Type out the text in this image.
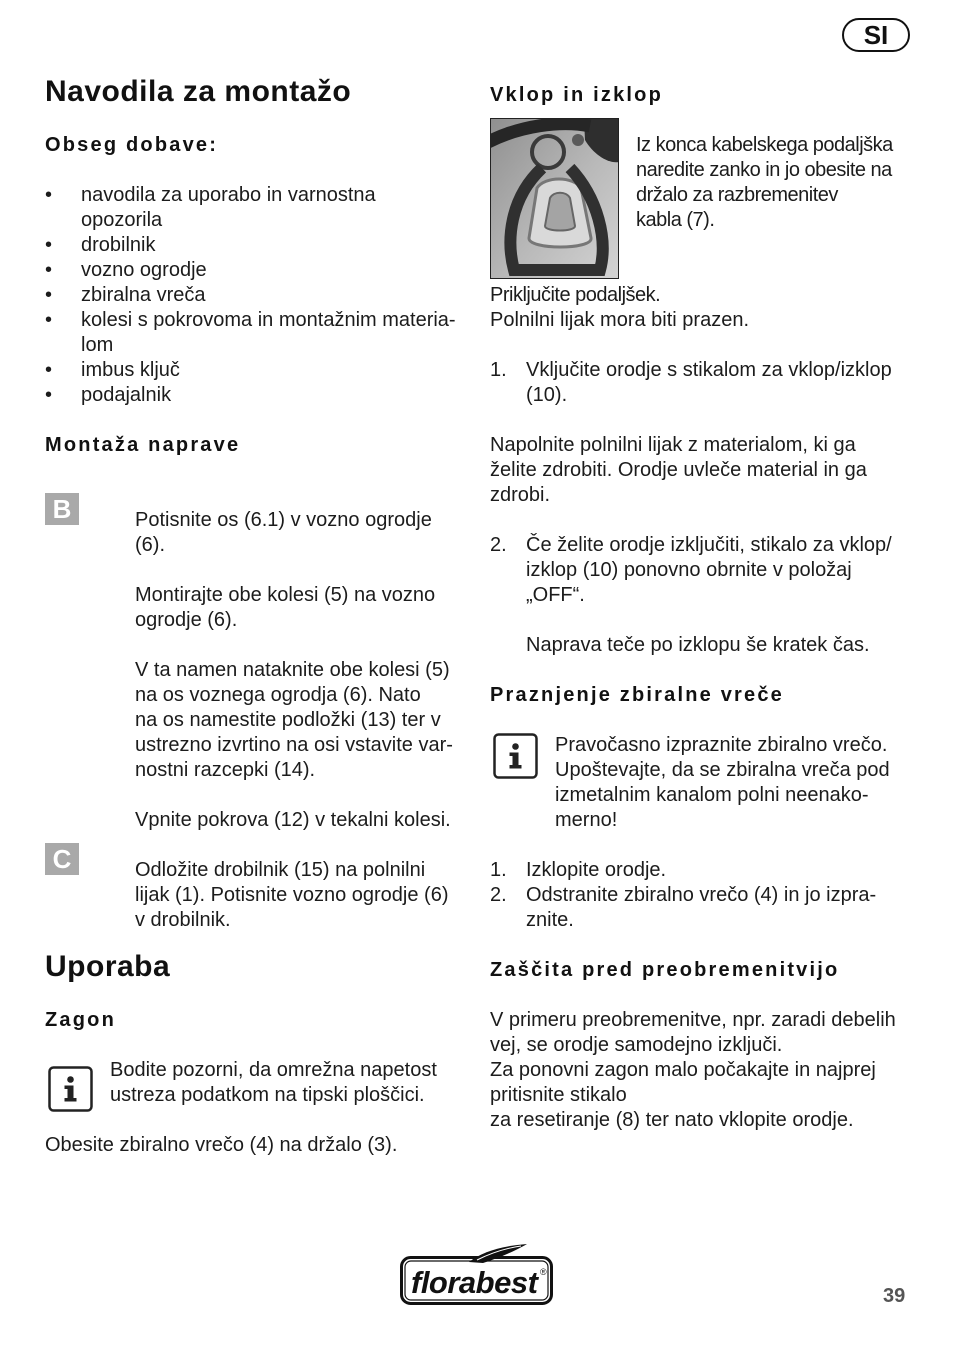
SI
Navodila za montažo
Obseg dobave:
•	navodila za uporabo in varnostna
opozorila
•	drobilnik
•	vozno ogrodje
•	zbiralna vreča
•	kolesi s pokrovoma in montažnim materia-
lom
•	imbus ključ
•	podajalnik
Montaža naprave
B
C
Potisnite os (6.1) v vozno ogrodje
(6).
Montirajte obe kolesi (5) na vozno
ogrodje (6).
V ta namen nataknite obe kolesi (5)
na os voznega ogrodja (6). Nato
na os namestite podložki (13) ter v
ustrezno izvrtino na osi vstavite var-
nostni razcepki (14).
Vpnite pokrova (12) v tekalni kolesi.
Odložite drobilnik (15) na polnilni
lijak (1). Potisnite vozno ogrodje (6)
v drobilnik.
Uporaba
Zagon
Bodite pozorni, da omrežna napetost
ustreza podatkom na tipski ploščici.
Obesite zbiralno vrečo (4) na držalo (3).
Vklop in izklop
Iz konca kabelskega podaljška
naredite zanko in jo obesite na
držalo za razbremenitev
kabla (7).
Priključite podaljšek.
Polnilni lijak mora biti prazen.
1. Vključite orodje s stikalom za vklop/izklop
(10).
Napolnite polnilni lijak z materialom, ki ga
želite zdrobiti. Orodje uvleče material in ga
zdrobi.
2. Če želite orodje izključiti, stikalo za vklop/
izklop (10) ponovno obrnite v položaj
„OFF“.
Naprava teče po izklopu še kratek čas.
Praznjenje zbiralne vreče
Pravočasno izpraznite zbiralno vrečo.
Upoštevajte, da se zbiralna vreča pod
izmetalnim kanalom polni neenako-
merno!
1. Izklopite orodje.
2. Odstranite zbiralno vrečo (4) in jo izpra-
znite.
Zaščita pred preobremenitvijo
V primeru preobremenitve, npr. zaradi debelih
vej, se orodje samodejno izključi.
Za ponovni zagon malo počakajte in najprej
pritisnite stikalo
za resetiranje (8) ter nato vklopite orodje.
florabest ®
39
